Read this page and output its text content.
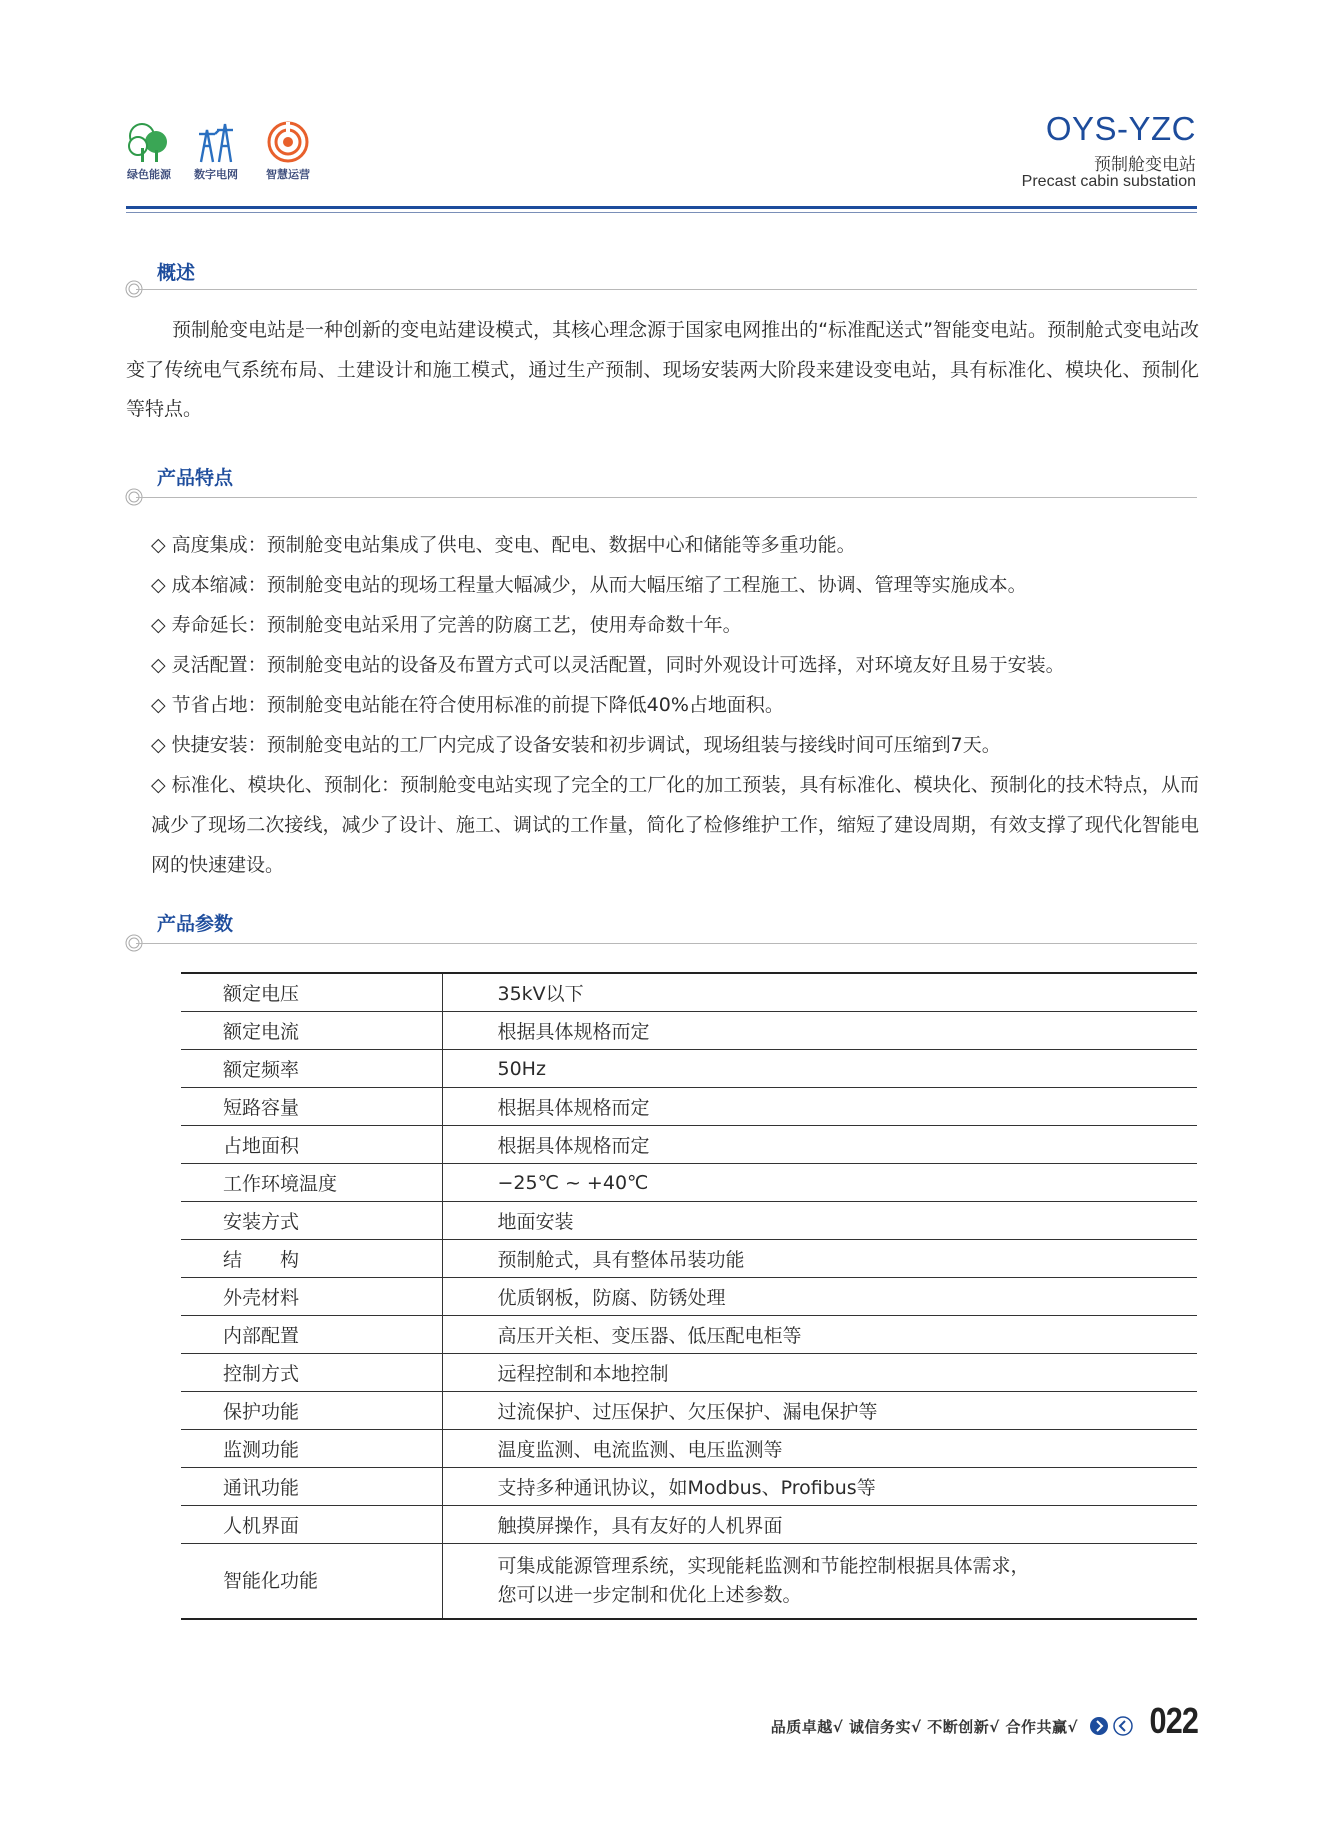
绿色能源 数字电网	智慧运营
OYS-YZC
预制舱变电站
Precast cabin substation
概述
预制舱变电站是一种创新的变电站建设模式，其核心理念源于国家电网推出的“标准配送式”智能变电站。预制舱式变电站改变了传统电气系统布局、土建设计和施工模式，通过生产预制、现场安装两大阶段来建设变电站，具有标准化、模块化、预制化等特点。
产品特点
◇ 高度集成：预制舱变电站集成了供电、变电、配电、数据中心和储能等多重功能。
◇ 成本缩减：预制舱变电站的现场工程量大幅减少，从而大幅压缩了工程施工、协调、管理等实施成本。
◇ 寿命延长：预制舱变电站采用了完善的防腐工艺，使用寿命数十年。
◇ 灵活配置：预制舱变电站的设备及布置方式可以灵活配置，同时外观设计可选择，对环境友好且易于安装。
◇ 节省占地：预制舱变电站能在符合使用标准的前提下降低40%占地面积。
◇ 快捷安装：预制舱变电站的工厂内完成了设备安装和初步调试，现场组装与接线时间可压缩到7天。
◇ 标准化、模块化、预制化：预制舱变电站实现了完全的工厂化的加工预装，具有标准化、模块化、预制化的技术特点，从而减少了现场二次接线，减少了设计、施工、调试的工作量，简化了检修维护工作，缩短了建设周期，有效支撑了现代化智能电网的快速建设。
产品参数
额定电压	35kV以下
额定电流	根据具体规格而定
额定频率	50Hz
短路容量	根据具体规格而定
占地面积	根据具体规格而定
工作环境温度	−25℃ ~ +40℃
安装方式	地面安装
结　　构	预制舱式，具有整体吊装功能
外壳材料	优质钢板，防腐、防锈处理
内部配置	高压开关柜、变压器、低压配电柜等
控制方式	远程控制和本地控制
保护功能	过流保护、过压保护、欠压保护、漏电保护等
监测功能	温度监测、电流监测、电压监测等
通讯功能	支持多种通讯协议，如Modbus、Profibus等
人机界面	触摸屏操作，具有友好的人机界面
智能化功能	可集成能源管理系统，实现能耗监测和节能控制根据具体需求，
您可以进一步定制和优化上述参数。
品质卓越√ 诚信务实√ 不断创新√ 合作共赢√ 022
